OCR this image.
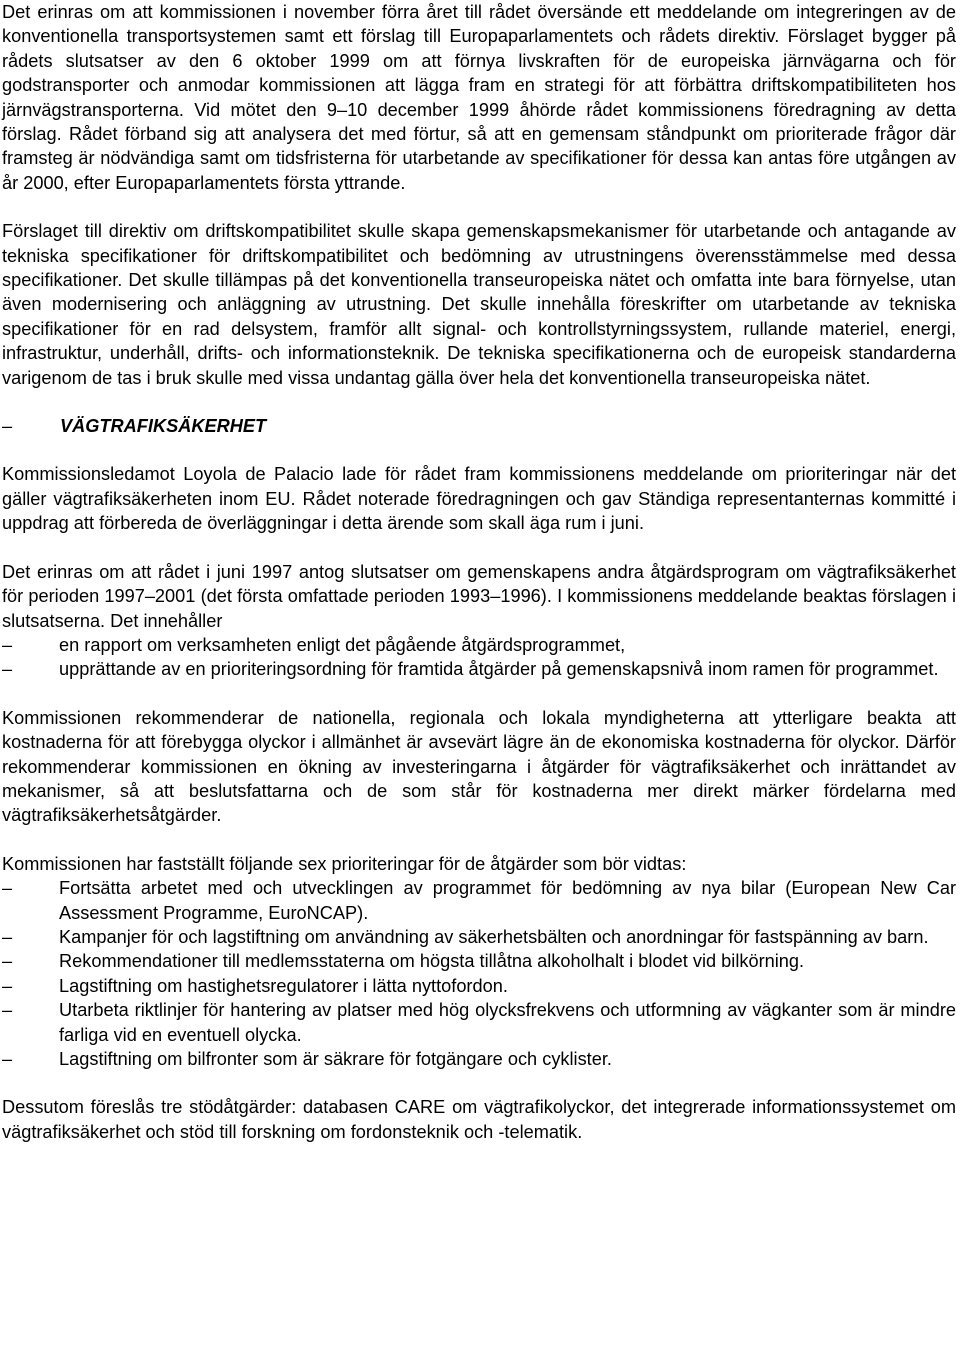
Det erinras om att kommissionen i november förra året till rådet översände ett meddelande om integreringen av de konventionella transportsystemen samt ett förslag till Europaparlamentets och rådets direktiv. Förslaget bygger på rådets slutsatser av den 6 oktober 1999 om att förnya livskraften för de europeiska järnvägarna och för godstransporter och anmodar kommissionen att lägga fram en strategi för att förbättra driftskompatibiliteten hos järnvägstransporterna. Vid mötet den 9–10 december 1999 åhörde rådet kommissionens föredragning av detta förslag. Rådet förband sig att analysera det med förtur, så att en gemensam ståndpunkt om prioriterade frågor där framsteg är nödvändiga samt om tidsfristerna för utarbetande av specifikationer för dessa kan antas före utgången av år 2000, efter Europaparlamentets första yttrande.

Förslaget till direktiv om driftskompatibilitet skulle skapa gemenskapsmekanismer för utarbetande och antagande av tekniska specifikationer för driftskompatibilitet och bedömning av utrustningens överensstämmelse med dessa specifikationer. Det skulle tillämpas på det konventionella transeuropeiska nätet och omfatta inte bara förnyelse, utan även modernisering och anläggning av utrustning. Det skulle innehålla föreskrifter om utarbetande av tekniska specifikationer för en rad delsystem, framför allt signal- och kontrollstyrningssystem, rullande materiel, energi, infrastruktur, underhåll, drifts- och informationsteknik. De tekniska specifikationerna och de europeisk standarderna varigenom de tas i bruk skulle med vissa undantag gälla över hela det konventionella transeuropeiska nätet.

–	VÄGTRAFIKSÄKERHET

Kommissionsledamot Loyola de Palacio lade för rådet fram kommissionens meddelande om prioriteringar när det gäller vägtrafiksäkerheten inom EU. Rådet noterade föredragningen och gav Ständiga representanternas kommitté i uppdrag att förbereda de överläggningar i detta ärende som skall äga rum i juni.

Det erinras om att rådet i juni 1997 antog slutsatser om gemenskapens andra åtgärdsprogram om vägtrafiksäkerhet för perioden 1997–2001 (det första omfattade perioden 1993–1996). I kommissionens meddelande beaktas förslagen i slutsatserna. Det innehåller

–	en rapport om verksamheten enligt det pågående åtgärdsprogrammet,
–	upprättande av en prioriteringsordning för framtida åtgärder på gemenskapsnivå inom ramen för programmet.

Kommissionen rekommenderar de nationella, regionala och lokala myndigheterna att ytterligare beakta att kostnaderna för att förebygga olyckor i allmänhet är avsevärt lägre än de ekonomiska kostnaderna för olyckor. Därför rekommenderar kommissionen en ökning av investeringarna i åtgärder för vägtrafiksäkerhet och inrättandet av mekanismer, så att beslutsfattarna och de som står för kostnaderna mer direkt märker fördelarna med vägtrafiksäkerhetsåtgärder.

Kommissionen har fastställt följande sex prioriteringar för de åtgärder som bör vidtas:

–	Fortsätta arbetet med och utvecklingen av programmet för bedömning av nya bilar (European New Car Assessment Programme, EuroNCAP).
–	Kampanjer för och lagstiftning om användning av säkerhetsbälten och anordningar för fastspänning av barn.
–	Rekommendationer till medlemsstaterna om högsta tillåtna alkoholhalt i blodet vid bilkörning.
–	Lagstiftning om hastighetsregulatorer i lätta nyttofordon.
–	Utarbeta riktlinjer för hantering av platser med hög olycksfrekvens och utformning av vägkanter som är mindre farliga vid en eventuell olycka.
–	Lagstiftning om bilfronter som är säkrare för fotgängare och cyklister.

Dessutom föreslås tre stödåtgärder: databasen CARE om vägtrafikolyckor, det integrerade informationssystemet om vägtrafiksäkerhet och stöd till forskning om fordonsteknik och -telematik.
